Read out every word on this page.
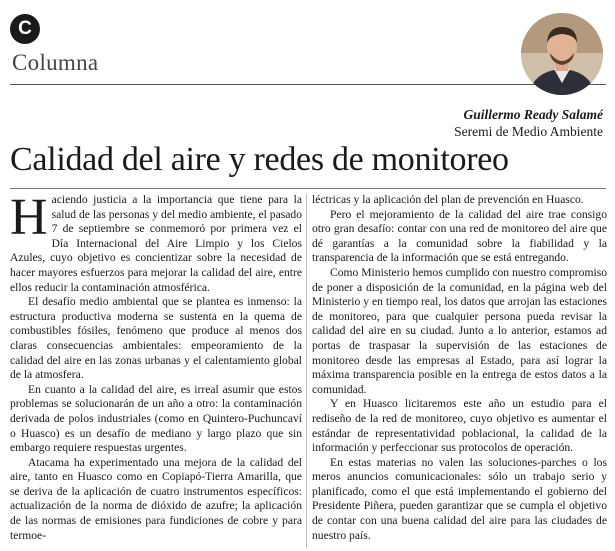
C
Columna
Guillermo Ready Salamé
Seremi de Medio Ambiente
Calidad del aire y redes de monitoreo

Haciendo justicia a la importancia que tiene para la salud de las personas y del medio ambiente, el pasado 7 de septiembre se conmemoró por primera vez el Día Internacional del Aire Limpio y los Cielos Azules, cuyo objetivo es concientizar sobre la necesidad de hacer mayores esfuerzos para mejorar la calidad del aire, entre ellos reducir la contaminación atmosférica.

El desafío medio ambiental que se plantea es inmenso: la estructura productiva moderna se sustenta en la quema de combustibles fósiles, fenómeno que produce al menos dos claras consecuencias ambientales: empeoramiento de la calidad del aire en las zonas urbanas y el calentamiento global de la atmosfera.

En cuanto a la calidad del aire, es irreal asumir que estos problemas se solucionarán de un año a otro: la contaminación derivada de polos industriales (como en Quintero-Puchuncaví o Huasco) es un desafío de mediano y largo plazo que sin embargo requiere respuestas urgentes.

Atacama ha experimentado una mejora de la calidad del aire, tanto en Huasco como en Copiapó-Tierra Amarilla, que se deriva de la aplicación de cuatro instrumentos específicos: actualización de la norma de dióxido de azufre; la aplicación de las normas de emisiones para fundiciones de cobre y para termoe-

léctricas y la aplicación del plan de prevención en Huasco.

Pero el mejoramiento de la calidad del aire trae consigo otro gran desafío: contar con una red de monitoreo del aire que dé garantías a la comunidad sobre la fiabilidad y la transparencia de la información que se está entregando.

Como Ministerio hemos cumplido con nuestro compromiso de poner a disposición de la comunidad, en la página web del Ministerio y en tiempo real, los datos que arrojan las estaciones de monitoreo, para que cualquier persona pueda revisar la calidad del aire en su ciudad. Junto a lo anterior, estamos ad portas de traspasar la supervisión de las estaciones de monitoreo desde las empresas al Estado, para así lograr la máxima transparencia posible en la entrega de estos datos a la comunidad.

Y en Huasco licitaremos este año un estudio para el rediseño de la red de monitoreo, cuyo objetivo es aumentar el estándar de representatividad poblacional, la calidad de la información y perfeccionar sus protocolos de operación.

En estas materias no valen las soluciones-parches o los meros anuncios comunicacionales: sólo un trabajo serio y planificado, como el que está implementando el gobierno del Presidente Piñera, pueden garantizar que se cumpla el objetivo de contar con una buena calidad del aire para las ciudades de nuestro país.
